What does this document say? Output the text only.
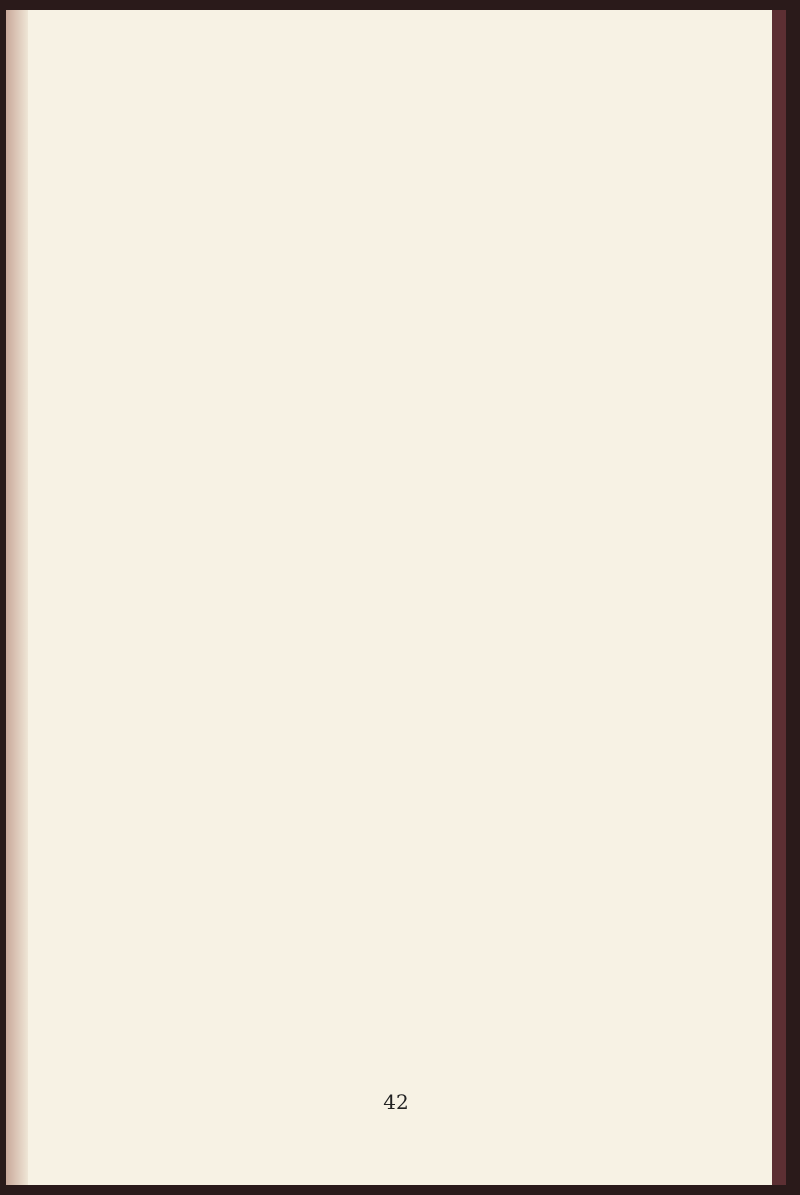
42
